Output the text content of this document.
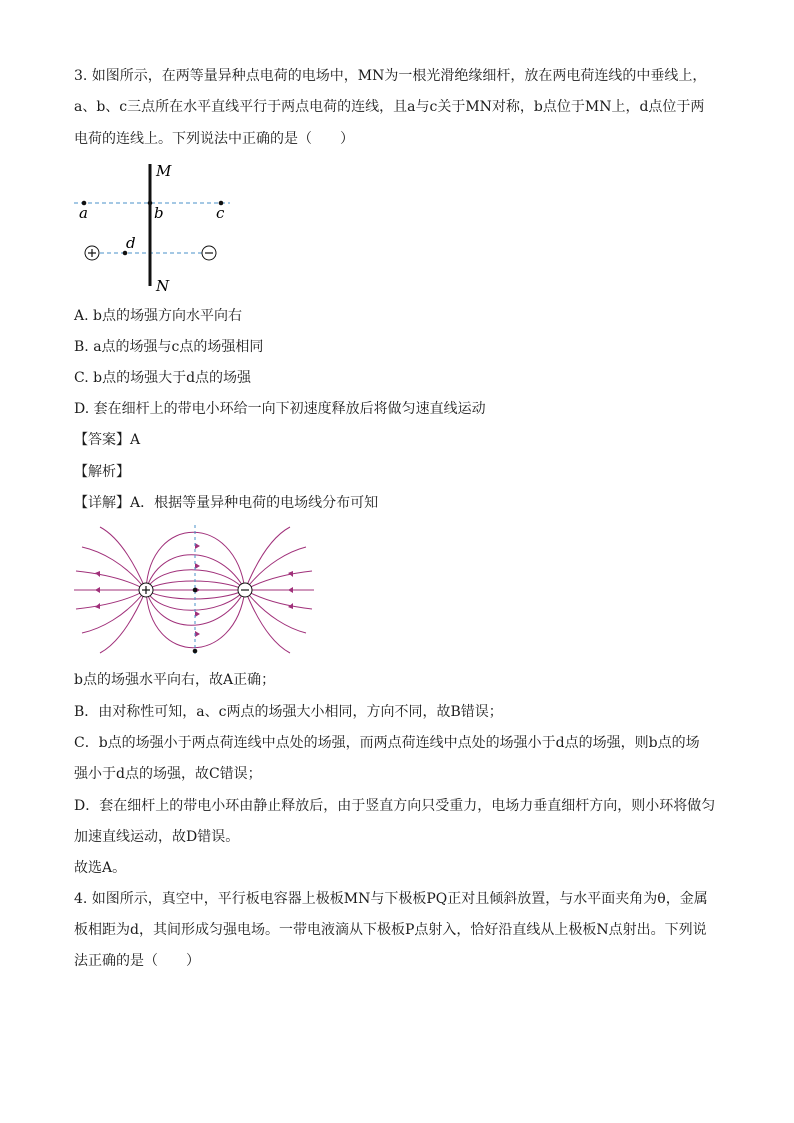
3. 如图所示，在两等量异种点电荷的电场中，MN为一根光滑绝缘细杆，放在两电荷连线的中垂线上，
a、b、c三点所在水平直线平行于两点电荷的连线，且a与c关于MN对称，b点位于MN上，d点位于两
电荷的连线上。下列说法中正确的是（　　）
M
N
a	b	c
d
A. b点的场强方向水平向右
B. a点的场强与c点的场强相同
C. b点的场强大于d点的场强
D. 套在细杆上的带电小环给一向下初速度释放后将做匀速直线运动
【答案】A
【解析】
【详解】A．根据等量异种电荷的电场线分布可知
b点的场强水平向右，故A正确；
B．由对称性可知，a、c两点的场强大小相同，方向不同，故B错误；
C．b点的场强小于两点荷连线中点处的场强，而两点荷连线中点处的场强小于d点的场强，则b点的场
强小于d点的场强，故C错误；
D．套在细杆上的带电小环由静止释放后，由于竖直方向只受重力，电场力垂直细杆方向，则小环将做匀
加速直线运动，故D错误。
故选A。
4. 如图所示，真空中，平行板电容器上极板MN与下极板PQ正对且倾斜放置，与水平面夹角为θ，金属
板相距为d，其间形成匀强电场。一带电液滴从下极板P点射入，恰好沿直线从上极板N点射出。下列说
法正确的是（　　）
